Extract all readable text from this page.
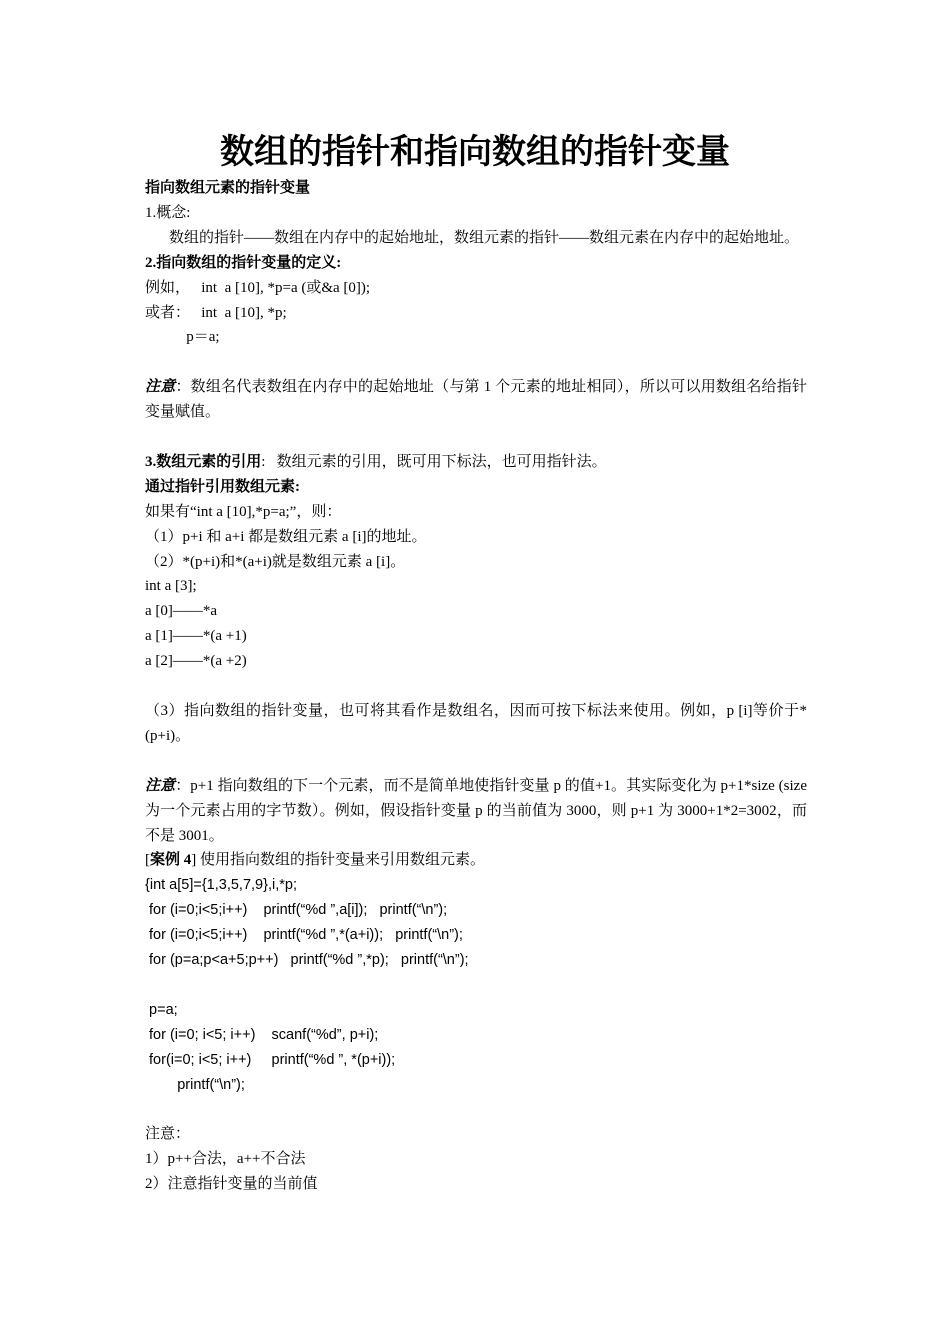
数组的指针和指向数组的指针变量

指向数组元素的指针变量

1.概念:

数组的指针——数组在内存中的起始地址，数组元素的指针——数组元素在内存中的起始地址。

2.指向数组的指针变量的定义:

例如，   int  a [10], *p=a (或&a [0]);

或者：   int  a [10], *p;

p＝a;

注意：数组名代表数组在内存中的起始地址（与第 1 个元素的地址相同），所以可以用数组名给指针变量赋值。

3.数组元素的引用:   数组元素的引用，既可用下标法，也可用指针法。

通过指针引用数组元素:

如果有“int a [10],*p=a;”，则：

（1）p+i 和 a+i 都是数组元素 a [i]的地址。

（2）*(p+i)和*(a+i)就是数组元素 a [i]。

int a [3];

a [0]——*a

a [1]——*(a +1)

a [2]——*(a +2)

（3）指向数组的指针变量，也可将其看作是数组名，因而可按下标法来使用。例如，p [i]等价于*(p+i)。

注意：p+1 指向数组的下一个元素，而不是简单地使指针变量 p 的值+1。其实际变化为 p+1*size (size 为一个元素占用的字节数）。例如，假设指针变量 p 的当前值为 3000，则 p+1 为 3000+1*2=3002，而不是 3001。

[案例 4] 使用指向数组的指针变量来引用数组元素。

{int a[5]={1,3,5,7,9},i,*p;

for (i=0;i<5;i++)    printf(“%d ”,a[i]);   printf(“\n”);

for (i=0;i<5;i++)    printf(“%d ”,*(a+i));   printf(“\n”);

for (p=a;p<a+5;p++)   printf(“%d ”,*p);   printf(“\n”);

p=a;

for (i=0; i<5; i++)    scanf(“%d”, p+i);

for(i=0; i<5; i++)     printf(“%d ”, *(p+i));

printf(“\n”);

注意：

1）p++合法，a++不合法

2）注意指针变量的当前值
